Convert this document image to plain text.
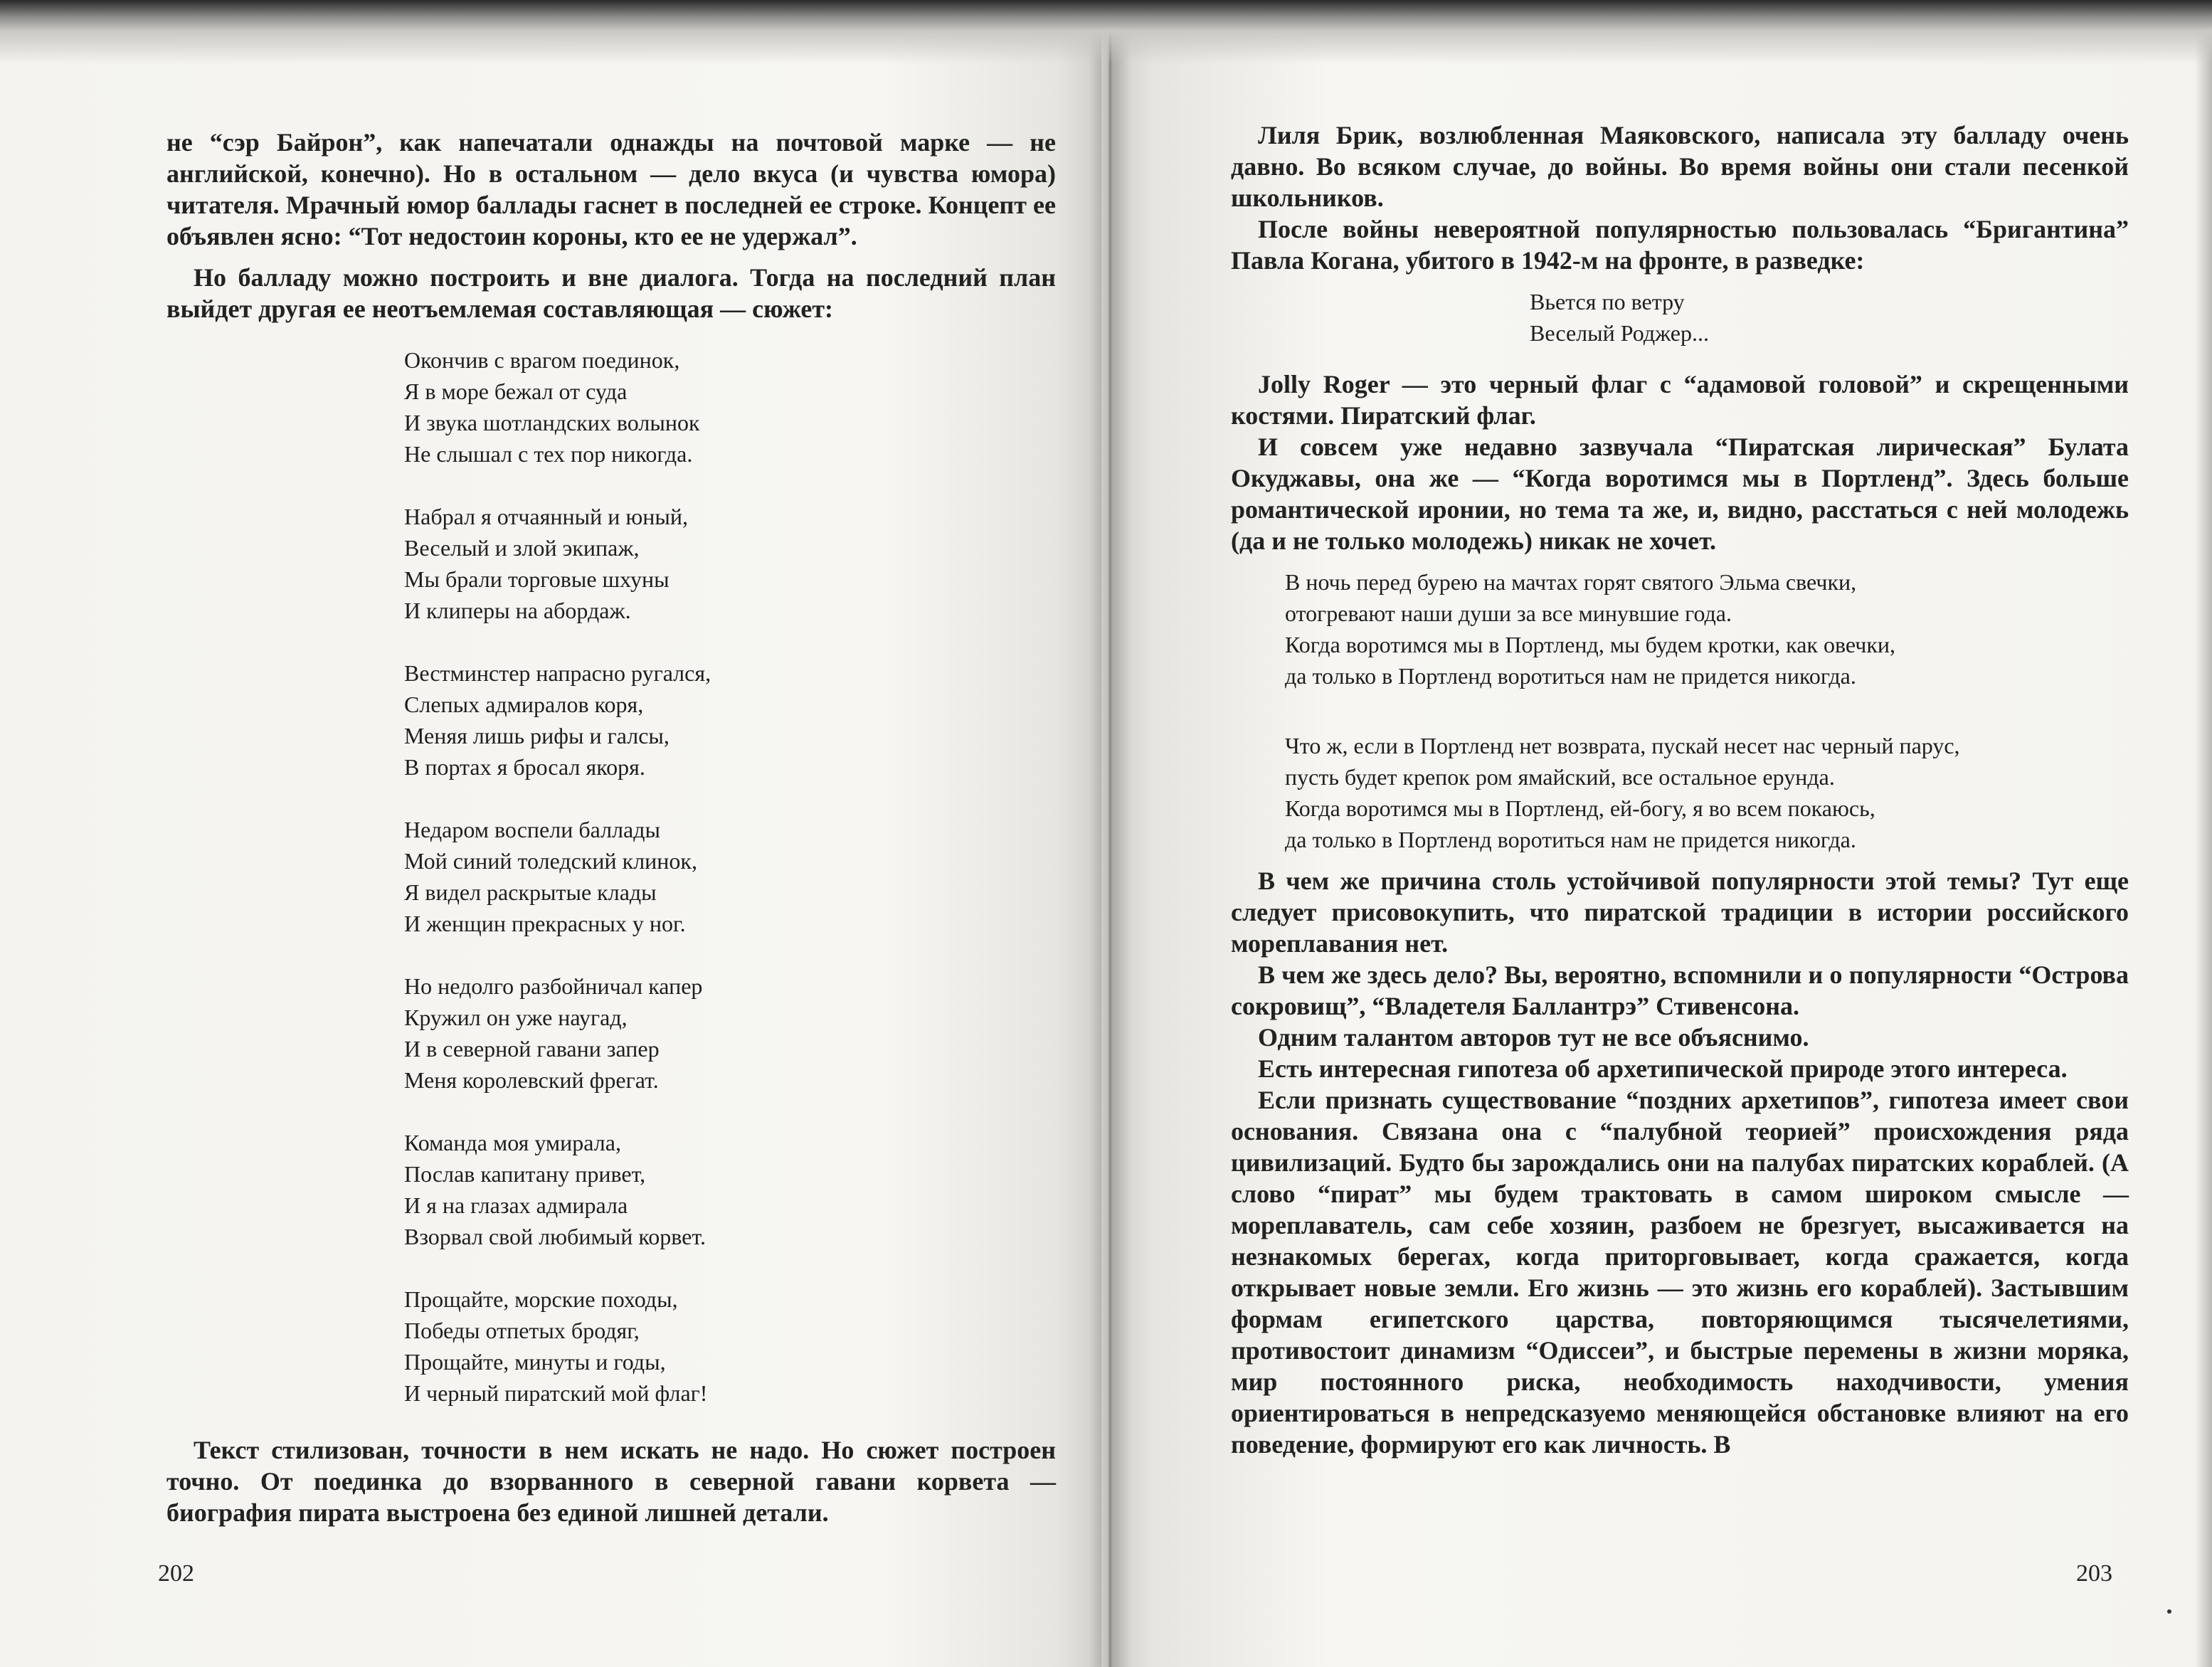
не “сэр Байрон”, как напечатали однажды на почтовой марке — не английской, конечно). Но в остальном — дело вкуса (и чувства юмора) читателя. Мрачный юмор баллады гаснет в последней ее строке. Концепт ее объявлен ясно: “Тот недостоин короны, кто ее не удержал”.

Но балладу можно построить и вне диалога. Тогда на последний план выйдет другая ее неотъемлемая составляющая — сюжет:

Окончив с врагом поединок,
Я в море бежал от суда
И звука шотландских волынок
Не слышал с тех пор никогда.
Набрал я отчаянный и юный,
Веселый и злой экипаж,
Мы брали торговые шхуны
И клиперы на абордаж.
Вестминстер напрасно ругался,
Слепых адмиралов коря,
Меняя лишь рифы и галсы,
В портах я бросал якоря.
Недаром воспели баллады
Мой синий толедский клинок,
Я видел раскрытые клады
И женщин прекрасных у ног.
Но недолго разбойничал капер
Кружил он уже наугад,
И в северной гавани запер
Меня королевский фрегат.
Команда моя умирала,
Послав капитану привет,
И я на глазах адмирала
Взорвал свой любимый корвет.
Прощайте, морские походы,
Победы отпетых бродяг,
Прощайте, минуты и годы,
И черный пиратский мой флаг!

Текст стилизован, точности в нем искать не надо. Но сюжет построен точно. От поединка до взорванного в северной гавани корвета — биография пирата выстроена без единой лишней детали.

202

Лиля Брик, возлюбленная Маяковского, написала эту балладу очень давно. Во всяком случае, до войны. Во время войны они стали песенкой школьников.

После войны невероятной популярностью пользовалась “Бригантина” Павла Когана, убитого в 1942-м на фронте, в разведке:

Вьется по ветру
Веселый Роджер...

Jolly Roger — это черный флаг с “адамовой головой” и скрещенными костями. Пиратский флаг.

И совсем уже недавно зазвучала “Пиратская лирическая” Булата Окуджавы, она же — “Когда воротимся мы в Портленд”. Здесь больше романтической иронии, но тема та же, и, видно, расстаться с ней молодежь (да и не только молодежь) никак не хочет.

В ночь перед бурею на мачтах горят святого Эльма свечки,
отогревают наши души за все минувшие года.
Когда воротимся мы в Портленд, мы будем кротки, как овечки,
да только в Портленд воротиться нам не придется никогда.
Что ж, если в Портленд нет возврата, пускай несет нас черный парус,
пусть будет крепок ром ямайский, все остальное ерунда.
Когда воротимся мы в Портленд, ей-богу, я во всем покаюсь,
да только в Портленд воротиться нам не придется никогда.

В чем же причина столь устойчивой популярности этой темы? Тут еще следует присовокупить, что пиратской традиции в истории российского мореплавания нет.

В чем же здесь дело? Вы, вероятно, вспомнили и о популярности “Острова сокровищ”, “Владетеля Баллантрэ” Стивенсона.

Одним талантом авторов тут не все объяснимо.

Есть интересная гипотеза об архетипической природе этого интереса.

Если признать существование “поздних архетипов”, гипотеза имеет свои основания. Связана она с “палубной теорией” происхождения ряда цивилизаций. Будто бы зарождались они на палубах пиратских кораблей. (А слово “пират” мы будем трактовать в самом широком смысле — мореплаватель, сам себе хозяин, разбоем не брезгует, высаживается на незнакомых берегах, когда приторговывает, когда сражается, когда открывает новые земли. Его жизнь — это жизнь его кораблей). Застывшим формам египетского царства, повторяющимся тысячелетиями, противостоит динамизм “Одиссеи”, и быстрые перемены в жизни моряка, мир постоянного риска, необходимость находчивости, умения ориентироваться в непредсказуемо меняющейся обстановке влияют на его поведение, формируют его как личность. В

203
